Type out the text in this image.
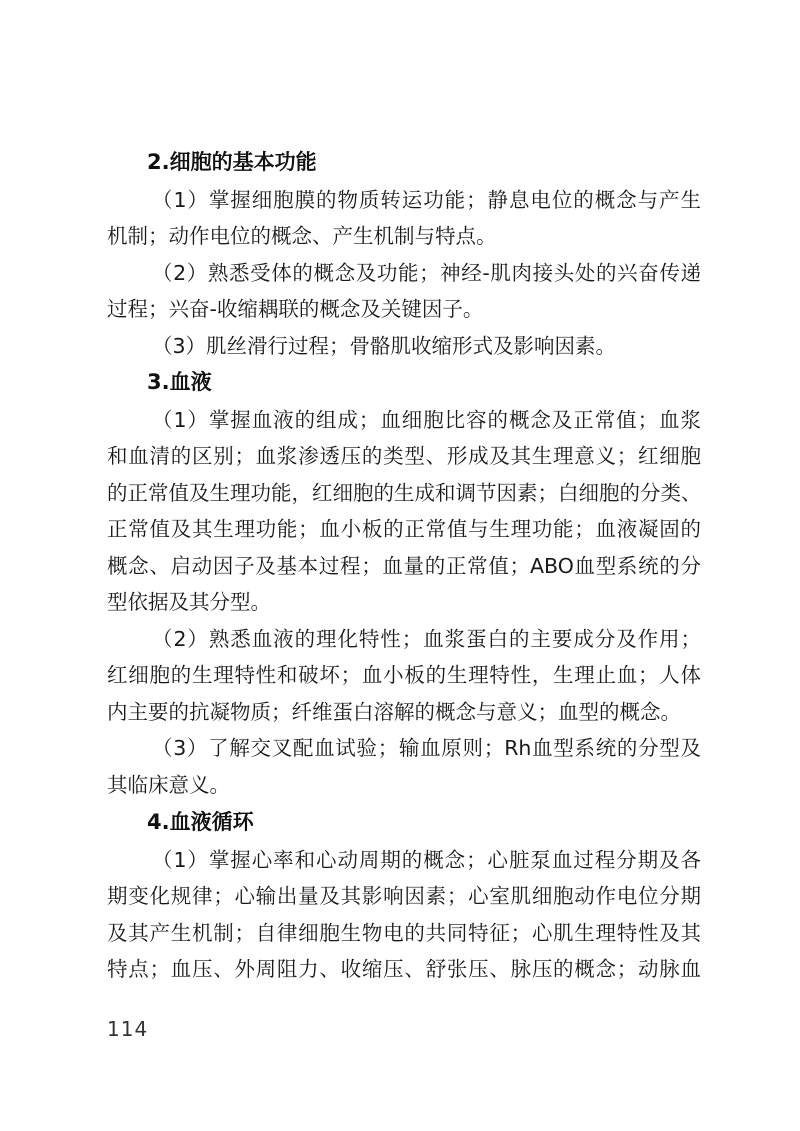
2.细胞的基本功能
（1）掌握细胞膜的物质转运功能；静息电位的概念与产生
机制；动作电位的概念、产生机制与特点。
（2）熟悉受体的概念及功能；神经-肌肉接头处的兴奋传递
过程；兴奋-收缩耦联的概念及关键因子。
（3）肌丝滑行过程；骨骼肌收缩形式及影响因素。
3.血液
（1）掌握血液的组成；血细胞比容的概念及正常值；血浆
和血清的区别；血浆渗透压的类型、形成及其生理意义；红细胞
的正常值及生理功能，红细胞的生成和调节因素；白细胞的分类、
正常值及其生理功能；血小板的正常值与生理功能；血液凝固的
概念、启动因子及基本过程；血量的正常值；ABO血型系统的分
型依据及其分型。
（2）熟悉血液的理化特性；血浆蛋白的主要成分及作用；
红细胞的生理特性和破坏；血小板的生理特性，生理止血；人体
内主要的抗凝物质；纤维蛋白溶解的概念与意义；血型的概念。
（3）了解交叉配血试验；输血原则；Rh血型系统的分型及
其临床意义。
4.血液循环
（1）掌握心率和心动周期的概念；心脏泵血过程分期及各
期变化规律；心输出量及其影响因素；心室肌细胞动作电位分期
及其产生机制；自律细胞生物电的共同特征；心肌生理特性及其
特点；血压、外周阻力、收缩压、舒张压、脉压的概念；动脉血
114
